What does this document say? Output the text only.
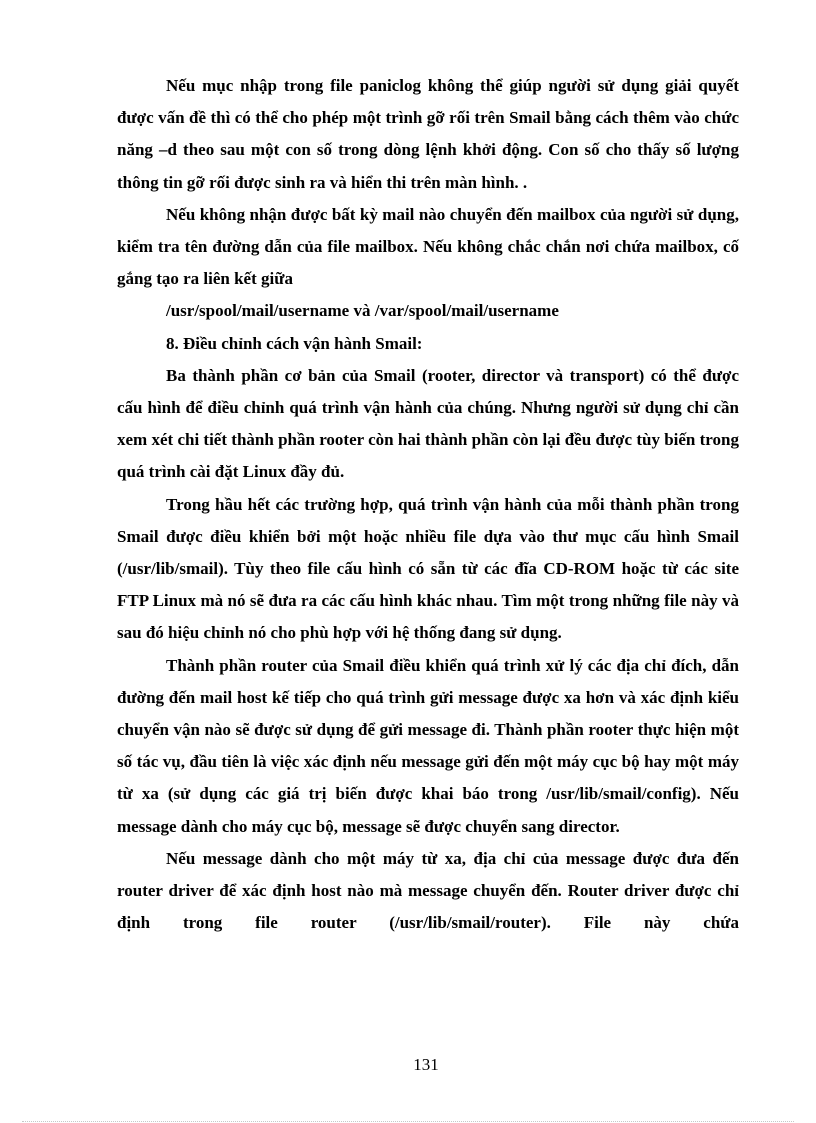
Nếu mục nhập trong file paniclog không thể giúp người sử dụng giải quyết được vấn đề thì có thể cho phép một trình gỡ rối trên Smail bằng cách thêm vào chức năng –d theo sau một con số trong dòng lệnh khởi động. Con số cho thấy số lượng thông tin gỡ rối được sinh ra và hiển thi trên màn hình. .

Nếu không nhận được bất kỳ mail nào chuyển đến mailbox của người sử dụng, kiểm tra tên đường dẫn của file mailbox. Nếu không chắc chắn nơi chứa mailbox, cố gắng tạo ra liên kết giữa

/usr/spool/mail/username và /var/spool/mail/username

8. Điều chỉnh cách vận hành Smail:

Ba thành phần cơ bản của Smail (rooter, director và transport) có thể được cấu hình để điều chỉnh quá trình vận hành của chúng. Nhưng người sử dụng chỉ cần xem xét chi tiết thành phần rooter còn hai thành phần còn lại đều được tùy biến trong quá trình cài đặt Linux đầy đủ.

Trong hầu hết các trường hợp, quá trình vận hành của mỗi thành phần trong Smail được điều khiển bởi một hoặc nhiều file dựa vào thư mục cấu hình Smail (/usr/lib/smail). Tùy theo file cấu hình có sẵn từ các đĩa CD-ROM hoặc từ các site FTP Linux mà nó sẽ đưa ra các cấu hình khác nhau. Tìm một trong những file này và sau đó hiệu chỉnh nó cho phù hợp với hệ thống đang sử dụng.

Thành phần router của Smail điều khiển quá trình xử lý các địa chỉ đích, dẫn đường đến mail host kế tiếp cho quá trình gửi message được xa hơn và xác định kiểu chuyển vận nào sẽ được sử dụng để gửi message đi. Thành phần rooter thực hiện một số tác vụ, đầu tiên là việc xác định nếu message gửi đến một máy cục bộ hay một máy từ xa (sử dụng các giá trị biến được khai báo trong /usr/lib/smail/config). Nếu message dành cho máy cục bộ, message sẽ được chuyển sang director.

Nếu message dành cho một máy từ xa, địa chỉ của message được đưa đến router driver để xác định host nào mà message chuyển đến. Router driver được chỉ định trong file router (/usr/lib/smail/router). File này chứa

131
